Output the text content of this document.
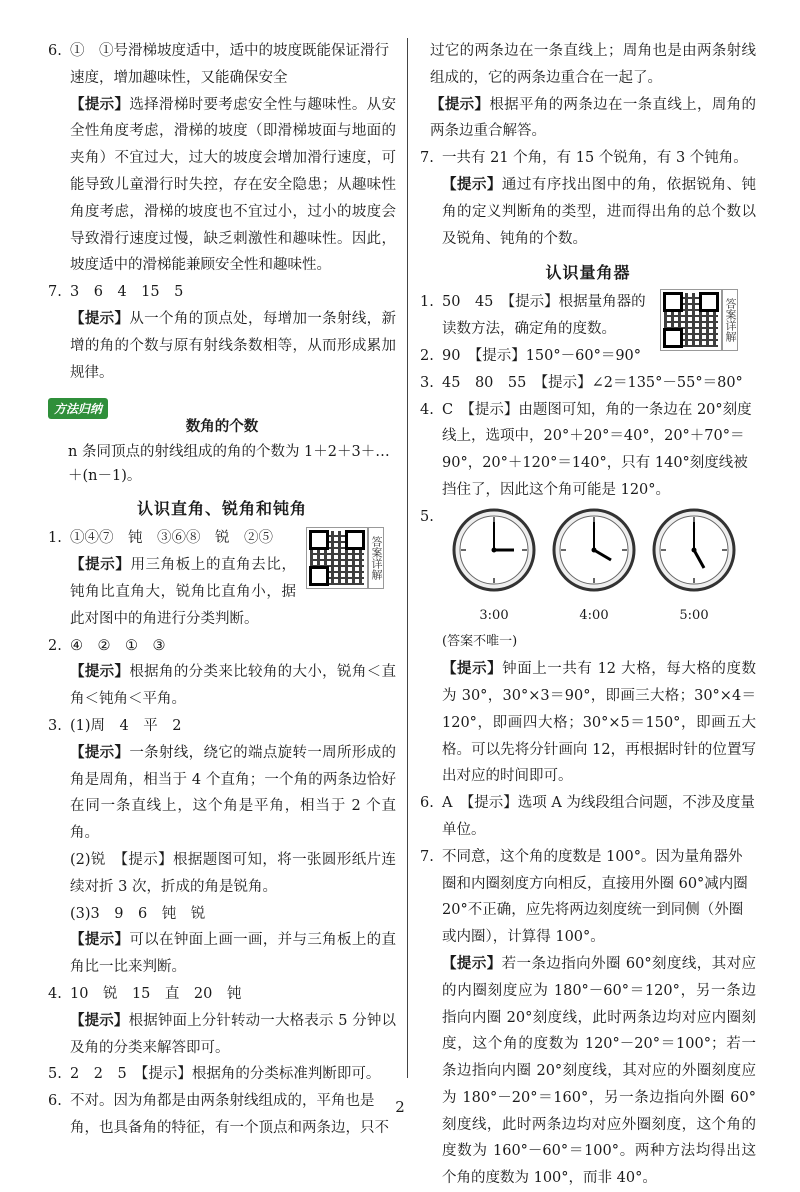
6. ①　①号滑梯坡度适中，适中的坡度既能保证滑行速度，增加趣味性，又能确保安全
【提示】选择滑梯时要考虑安全性与趣味性。从安全性角度考虑，滑梯的坡度（即滑梯坡面与地面的夹角）不宜过大，过大的坡度会增加滑行速度，可能导致儿童滑行时失控，存在安全隐患；从趣味性角度考虑，滑梯的坡度也不宜过小，过小的坡度会导致滑行速度过慢，缺乏刺激性和趣味性。因此，坡度适中的滑梯能兼顾安全性和趣味性。
7. 3　6　4　15　5
【提示】从一个角的顶点处，每增加一条射线，新增的角的个数与原有射线条数相等，从而形成累加规律。
方法归纳
数角的个数
n 条同顶点的射线组成的角的个数为 1＋2＋3＋…＋(n－1)。
认识直角、锐角和钝角
答案详解
1. ①④⑦　钝　③⑥⑧　锐　②⑤
【提示】用三角板上的直角去比，钝角比直角大，锐角比直角小，据此对图中的角进行分类判断。
2. ④　②　①　③
【提示】根据角的分类来比较角的大小，锐角＜直角＜钝角＜平角。
3. (1)周　4　平　2
【提示】一条射线，绕它的端点旋转一周所形成的角是周角，相当于 4 个直角；一个角的两条边恰好在同一条直线上，这个角是平角，相当于 2 个直角。
(2)锐　【提示】根据题图可知，将一张圆形纸片连续对折 3 次，折成的角是锐角。
(3)3　9　6　钝　锐
【提示】可以在钟面上画一画，并与三角板上的直角比一比来判断。
4. 10　锐　15　直　20　钝
【提示】根据钟面上分针转动一大格表示 5 分钟以及角的分类来解答即可。
5. 2　2　5　【提示】根据角的分类标准判断即可。
6. 不对。因为角都是由两条射线组成的，平角也是角，也具备角的特征，有一个顶点和两条边，只不
过它的两条边在一条直线上；周角也是由两条射线组成的，它的两条边重合在一起了。
【提示】根据平角的两条边在一条直线上，周角的两条边重合解答。
7. 一共有 21 个角，有 15 个锐角，有 3 个钝角。
【提示】通过有序找出图中的角，依据锐角、钝角的定义判断角的类型，进而得出角的总个数以及锐角、钝角的个数。
认识量角器
答案详解
1. 50　45　【提示】根据量角器的读数方法，确定角的度数。
2. 90　【提示】150°－60°＝90°
3. 45　80　55　【提示】∠2＝135°－55°＝80°
4. C　【提示】由题图可知，角的一条边在 20°刻度线上，选项中，20°＋20°＝40°，20°＋70°＝90°，20°＋120°＝140°，只有 140°刻度线被挡住了，因此这个角可能是 120°。
5.
3:00	4:00	5:00
(答案不唯一)
【提示】钟面上一共有 12 大格，每大格的度数为 30°，30°×3＝90°，即画三大格；30°×4＝120°，即画四大格；30°×5＝150°，即画五大格。可以先将分针画向 12，再根据时针的位置写出对应的时间即可。
6. A　【提示】选项 A 为线段组合问题，不涉及度量单位。
7. 不同意，这个角的度数是 100°。因为量角器外圈和内圈刻度方向相反，直接用外圈 60°减内圈 20°不正确，应先将两边刻度统一到同侧（外圈或内圈），计算得 100°。
【提示】若一条边指向外圈 60°刻度线，其对应的内圈刻度应为 180°－60°＝120°，另一条边指向内圈 20°刻度线，此时两条边均对应内圈刻度，这个角的度数为 120°－20°＝100°；若一条边指向内圈 20°刻度线，其对应的外圈刻度应为 180°－20°＝160°，另一条边指向外圈 60°刻度线，此时两条边均对应外圈刻度，这个角的度数为 160°－60°＝100°。两种方法均得出这个角的度数为 100°，而非 40°。
2
